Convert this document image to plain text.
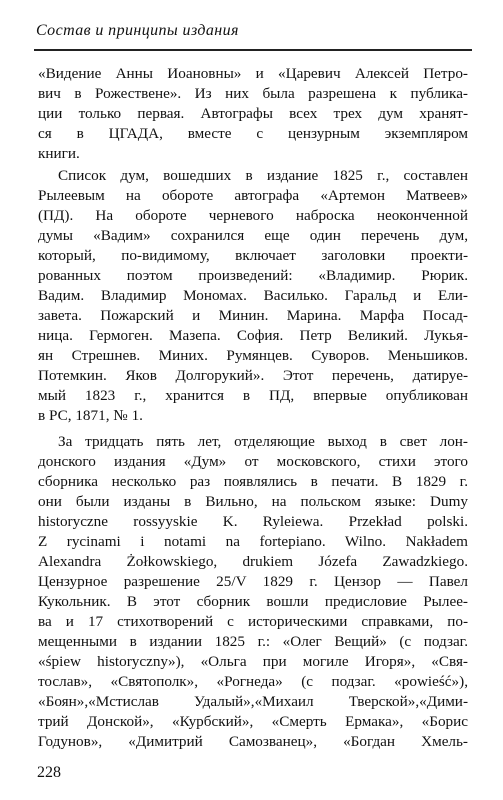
Состав и принципы издания
«Видение Анны Иоановны» и «Царевич Алексей Петро-
вич в Рожествене». Из них была разрешена к публика-
ции только первая. Автографы всех трех дум хранят-
ся в ЦГАДА, вместе с цензурным экземпляром
книги.
Список дум, вошедших в издание 1825 г., составлен
Рылеевым на обороте автографа «Артемон Матвеев»
(ПД). На обороте черневого наброска неоконченной
думы «Вадим» сохранился еще один перечень дум,
который, по-видимому, включает заголовки проекти-
рованных поэтом произведений: «Владимир. Рюрик.
Вадим. Владимир Мономах. Василько. Гаральд и Ели-
завета. Пожарский и Минин. Марина. Марфа Посад-
ница. Гермоген. Мазепа. София. Петр Великий. Лукья-
ян Стрешнев. Миних. Румянцев. Суворов. Меньшиков.
Потемкин. Яков Долгорукий». Этот перечень, датируе-
мый 1823 г., хранится в ПД, впервые опубликован
в РС, 1871, № 1.
За тридцать пять лет, отделяющие выход в свет лон-
донского издания «Дум» от московского, стихи этого
сборника несколько раз появлялись в печати. В 1829 г.
они были изданы в Вильно, на польском языке: Dumy
historyczne rossyyskie K. Ryleiewa. Przekład polski.
Z rycinami i notami na fortepiano. Wilno. Nakładem
Alexandra Żołkowskiego, drukiem Józefa Zawadzkiego.
Цензурное разрешение 25/V 1829 г. Цензор — Павел
Кукольник. В этот сборник вошли предисловие Рылее-
ва и 17 стихотворений с историческими справками, по-
мещенными в издании 1825 г.: «Олег Вещий» (с подзаг.
«śpiew historyczny»), «Ольга при могиле Игоря», «Свя-
тослав», «Святополк», «Рогнеда» (с подзаг. «powieść»),
«Боян»,«Мстислав Удалый»,«Михаил Тверской»,«Дими-
трий Донской», «Курбский», «Смерть Ермака», «Борис
Годунов», «Димитрий Самозванец», «Богдан Хмель-
228
